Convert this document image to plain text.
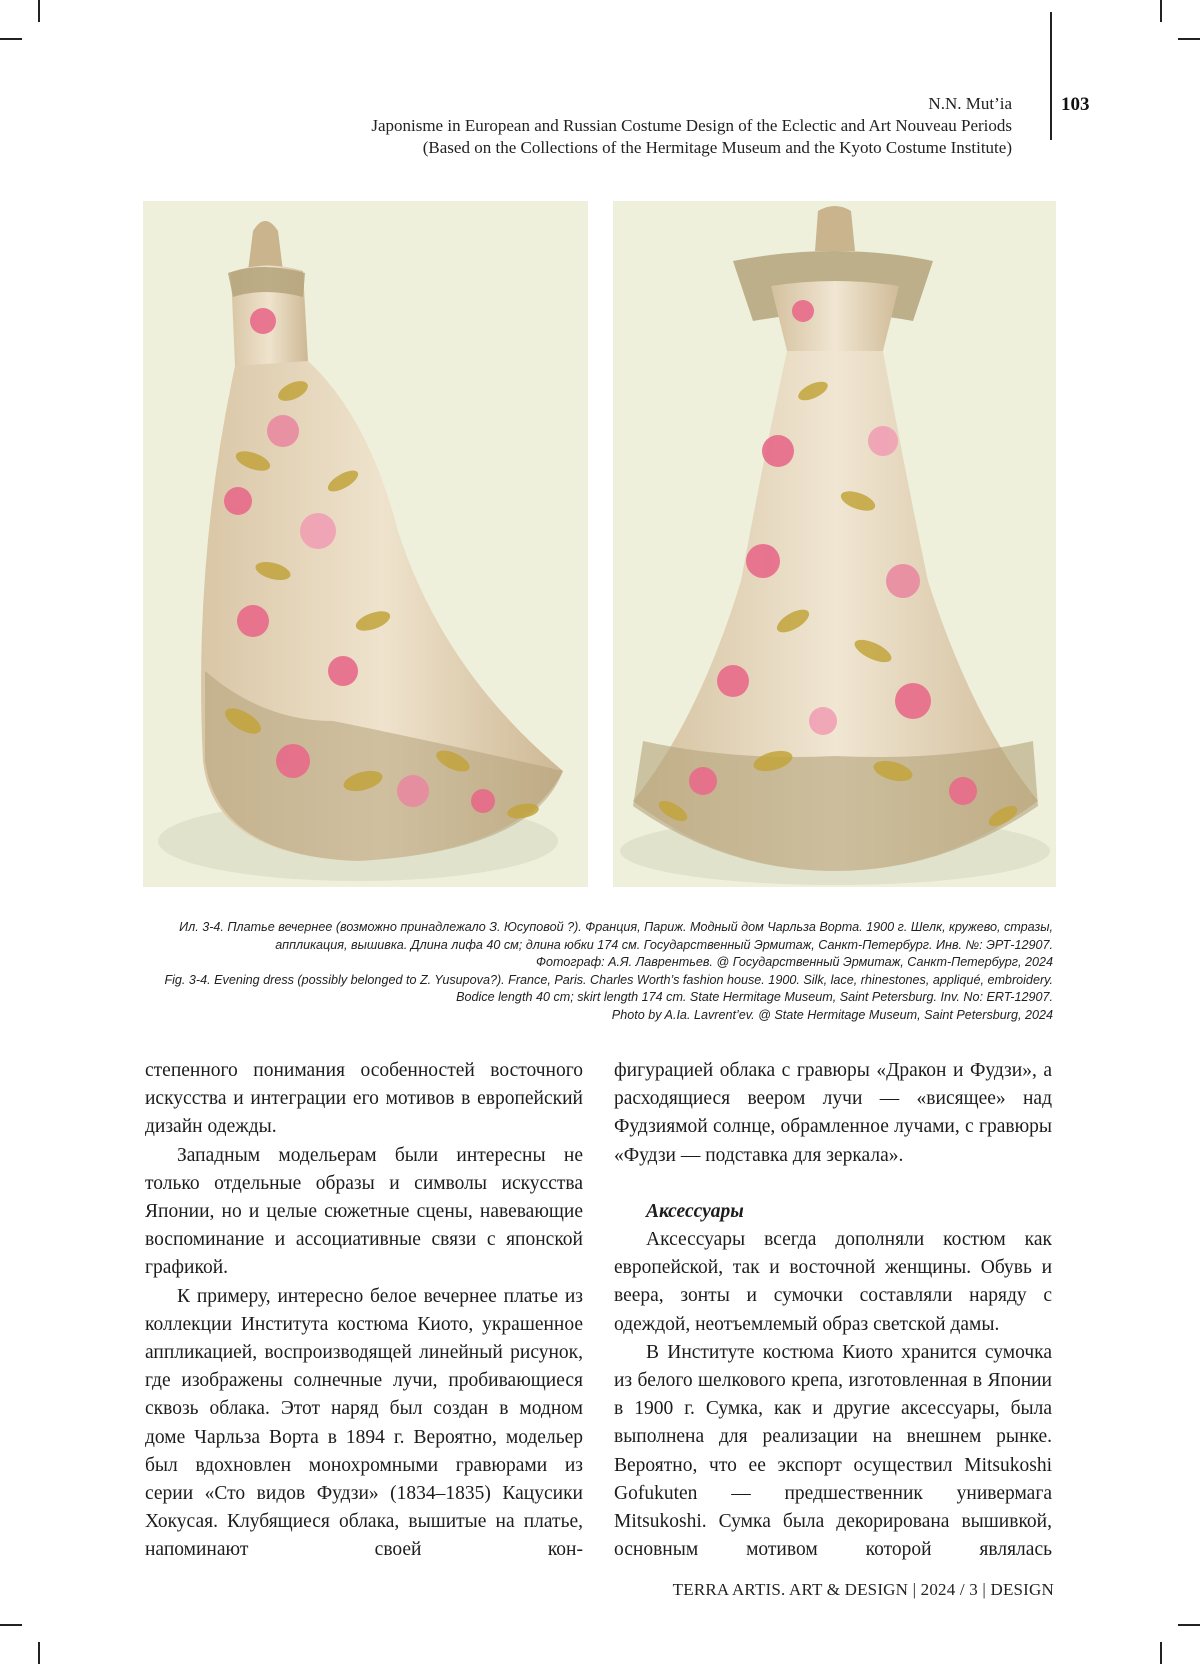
N.N. Mut’ia
Japonisme in European and Russian Costume Design of the Eclectic and Art Nouveau Periods
(Based on the Collections of the Hermitage Museum and the Kyoto Costume Institute)
103
Ил. 3-4. Платье вечернее (возможно принадлежало З. Юсуповой ?). Франция, Париж. Модный дом Чарльза Ворта. 1900 г. Шелк, кружево, стразы,
аппликация, вышивка. Длина лифа 40 см; длина юбки 174 см. Государственный Эрмитаж, Санкт-Петербург. Инв. №: ЭРТ-12907.
Фотограф: А.Я. Лаврентьев. @ Государственный Эрмитаж, Санкт-Петербург, 2024
Fig. 3-4. Evening dress (possibly belonged to Z. Yusupova?). France, Paris. Charles Worth’s fashion house. 1900. Silk, lace, rhinestones, appliqué, embroidery.
Bodice length 40 cm; skirt length 174 cm. State Hermitage Museum, Saint Petersburg. Inv. No: ERT-12907.
Photo by A.Ia. Lavrent’ev. @ State Hermitage Museum, Saint Petersburg, 2024

степенного понимания особенностей восточного искусства и интеграции его мотивов в европейский дизайн одежды.

Западным модельерам были интересны не только отдельные образы и символы искусства Японии, но и целые сюжетные сцены, навевающие воспоминание и ассоциативные связи с японской графикой.

К примеру, интересно белое вечернее платье из коллекции Института костюма Киото, украшенное аппликацией, воспроизводящей линейный рисунок, где изображены солнечные лучи, пробивающиеся сквозь облака. Этот наряд был создан в модном доме Чарльза Ворта в 1894 г. Вероятно, модельер был вдохновлен монохромными гравюрами из серии «Сто видов Фудзи» (1834–1835) Кацусики Хокусая. Клубящиеся облака, вышитые на платье, напоминают своей кон-

фигурацией облака с гравюры «Дракон и Фудзи», а расходящиеся веером лучи — «висящее» над Фудзиямой солнце, обрамленное лучами, с гравюры «Фудзи — подставка для зеркала».

Аксессуары

Аксессуары всегда дополняли костюм как европейской, так и восточной женщины. Обувь и веера, зонты и сумочки составляли наряду с одеждой, неотъемлемый образ светской дамы.

В Институте костюма Киото хранится сумочка из белого шелкового крепа, изготовленная в Японии в 1900 г. Сумка, как и другие аксессуары, была выполнена для реализации на внешнем рынке. Вероятно, что ее экспорт осуществил Mitsukoshi Gofukuten — предшественник универмага Mitsukoshi. Сумка была декорирована вышивкой, основным мотивом которой являлась

TERRA ARTIS. ART & DESIGN | 2024 / 3 | DESIGN
